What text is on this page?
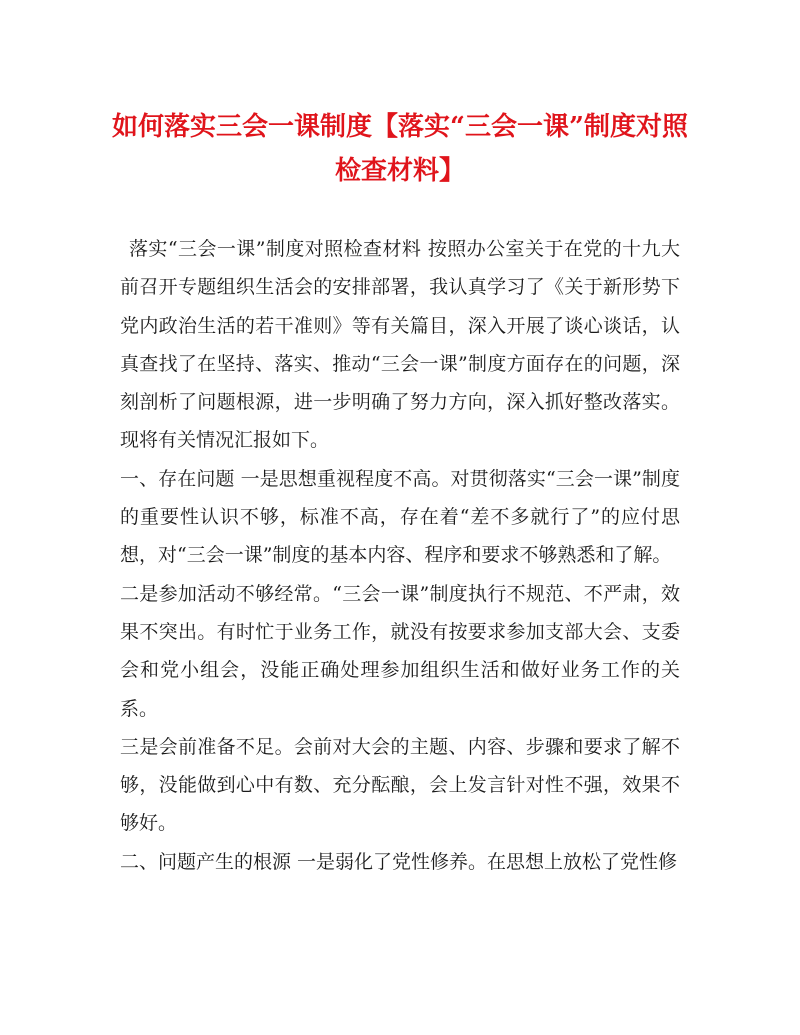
如何落实三会一课制度【落实“三会一课”制度对照检查材料】

落实“三会一课”制度对照检查材料 按照办公室关于在党的十九大前召开专题组织生活会的安排部署，我认真学习了《关于新形势下党内政治生活的若干准则》等有关篇目，深入开展了谈心谈话，认真查找了在坚持、落实、推动“三会一课”制度方面存在的问题，深刻剖析了问题根源，进一步明确了努力方向，深入抓好整改落实。现将有关情况汇报如下。

一、存在问题 一是思想重视程度不高。对贯彻落实“三会一课”制度的重要性认识不够，标准不高，存在着“差不多就行了”的应付思想，对“三会一课”制度的基本内容、程序和要求不够熟悉和了解。

二是参加活动不够经常。“三会一课”制度执行不规范、不严肃，效果不突出。有时忙于业务工作，就没有按要求参加支部大会、支委会和党小组会，没能正确处理参加组织生活和做好业务工作的关系。

三是会前准备不足。会前对大会的主题、内容、步骤和要求了解不够，没能做到心中有数、充分酝酿，会上发言针对性不强，效果不够好。

二、问题产生的根源 一是弱化了党性修养。在思想上放松了党性修
